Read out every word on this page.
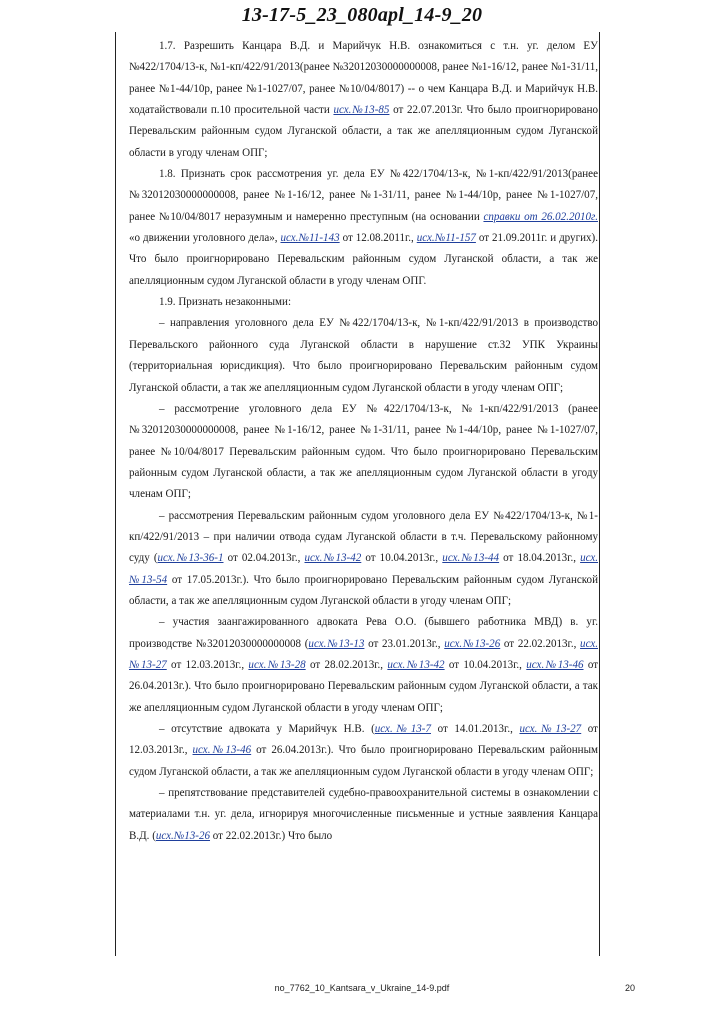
13-17-5_23_080apl_14-9_20

1.7. Разрешить Канцара В.Д. и Марийчук Н.В. ознакомиться с т.н. уг. делом ЕУ №422/1704/13-к, №1-кп/422/91/2013(ранее №32012030000000008, ранее №1-16/12, ранее №1-31/11, ранее №1-44/10р, ранее №1-1027/07, ранее №10/04/8017) -- о чем Канцара В.Д. и Марийчук Н.В. ходатайствовали п.10 просительной части исх.№13-85 от 22.07.2013г. Что было проигнорировано Перевальским районным судом Луганской области, а так же апелляционным судом Луганской области в угоду членам ОПГ;

1.8. Признать срок рассмотрения уг. дела ЕУ №422/1704/13-к, №1-кп/422/91/2013(ранее №32012030000000008, ранее №1-16/12, ранее №1-31/11, ранее №1-44/10р, ранее №1-1027/07, ранее №10/04/8017 неразумным и намеренно преступным (на основании справки от 26.02.2010г. «о движении уголовного дела», исх.№11-143 от 12.08.2011г., исх.№11-157 от 21.09.2011г. и других). Что было проигнорировано Перевальским районным судом Луганской области, а так же апелляционным судом Луганской области в угоду членам ОПГ.

1.9. Признать незаконными:

– направления уголовного дела ЕУ №422/1704/13-к, №1-кп/422/91/2013 в производство Перевальского районного суда Луганской области в нарушение ст.32 УПК Украины (территориальная юрисдикция). Что было проигнорировано Перевальским районным судом Луганской области, а так же апелляционным судом Луганской области в угоду членам ОПГ;

– рассмотрение уголовного дела ЕУ №422/1704/13-к, №1-кп/422/91/2013 (ранее №32012030000000008, ранее №1-16/12, ранее №1-31/11, ранее №1-44/10р, ранее №1-1027/07, ранее №10/04/8017 Перевальским районным судом. Что было проигнорировано Перевальским районным судом Луганской области, а так же апелляционным судом Луганской области в угоду членам ОПГ;

– рассмотрения Перевальским районным судом уголовного дела ЕУ №422/1704/13-к, №1-кп/422/91/2013 – при наличии отвода судам Луганской области в т.ч. Перевальскому районному суду (исх.№13-36-1 от 02.04.2013г., исх.№13-42 от 10.04.2013г., исх.№13-44 от 18.04.2013г., исх.№13-54 от 17.05.2013г.). Что было проигнорировано Перевальским районным судом Луганской области, а так же апелляционным судом Луганской области в угоду членам ОПГ;

– участия заангажированного адвоката Рева О.О. (бывшего работника МВД) в. уг. производстве №32012030000000008 (исх.№13-13 от 23.01.2013г., исх.№13-26 от 22.02.2013г., исх.№13-27 от 12.03.2013г., исх.№13-28 от 28.02.2013г., исх.№13-42 от 10.04.2013г., исх.№13-46 от 26.04.2013г.). Что было проигнорировано Перевальским районным судом Луганской области, а так же апелляционным судом Луганской области в угоду членам ОПГ;

– отсутствие адвоката у Марийчук Н.В. (исх.№13-7 от 14.01.2013г., исх.№13-27 от 12.03.2013г., исх.№13-46 от 26.04.2013г.). Что было проигнорировано Перевальским районным судом Луганской области, а так же апелляционным судом Луганской области в угоду членам ОПГ;

– препятствование представителей судебно-правоохранительной системы в ознакомлении с материалами т.н. уг. дела, игнорируя многочисленные письменные и устные заявления Канцара В.Д. (исх.№13-26 от 22.02.2013г.) Что было

no_7762_10_Kantsara_v_Ukraine_14-9.pdf	20
